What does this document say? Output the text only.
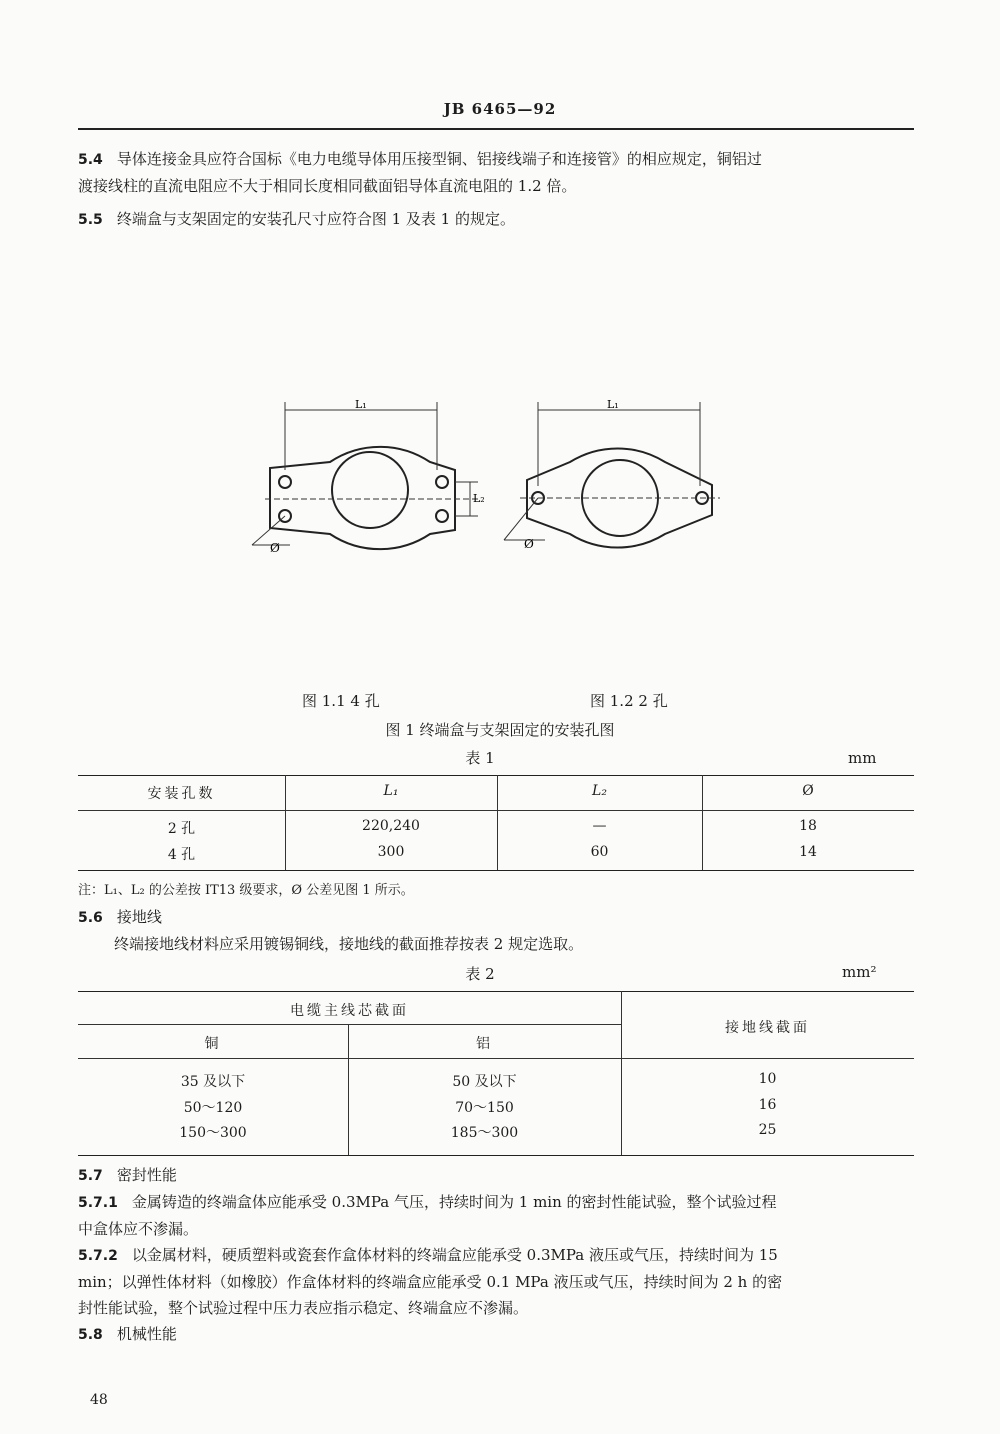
JB 6465—92
5.4 导体连接金具应符合国标《电力电缆导体用压接型铜、铝接线端子和连接管》的相应规定，铜铝过
渡接线柱的直流电阻应不大于相同长度相同截面铝导体直流电阻的 1.2 倍。
5.5 终端盒与支架固定的安装孔尺寸应符合图 1 及表 1 的规定。
L₁
L₂
Ø
L₁
Ø
图 1.1 4 孔	图 1.2 2 孔
图 1 终端盒与支架固定的安装孔图
表 1	mm
安装孔数	L₁	L₂	Ø
2 孔	220,240	—	18
4 孔	300	60	14
注：L₁、L₂ 的公差按 IT13 级要求，Ø 公差见图 1 所示。
5.6 接地线
终端接地线材料应采用镀锡铜线，接地线的截面推荐按表 2 规定选取。
表 2	mm²
电缆主线芯截面
铜	铝
接地线截面
35 及以下	50 及以下	10
50～120	70～150	16
150～300	185～300	25
5.7 密封性能
5.7.1 金属铸造的终端盒体应能承受 0.3MPa 气压，持续时间为 1 min 的密封性能试验，整个试验过程
中盒体应不渗漏。
5.7.2 以金属材料，硬质塑料或瓷套作盒体材料的终端盒应能承受 0.3MPa 液压或气压，持续时间为 15
min；以弹性体材料（如橡胶）作盒体材料的终端盒应能承受 0.1 MPa 液压或气压，持续时间为 2 h 的密
封性能试验，整个试验过程中压力表应指示稳定、终端盒应不渗漏。
5.8 机械性能
48
